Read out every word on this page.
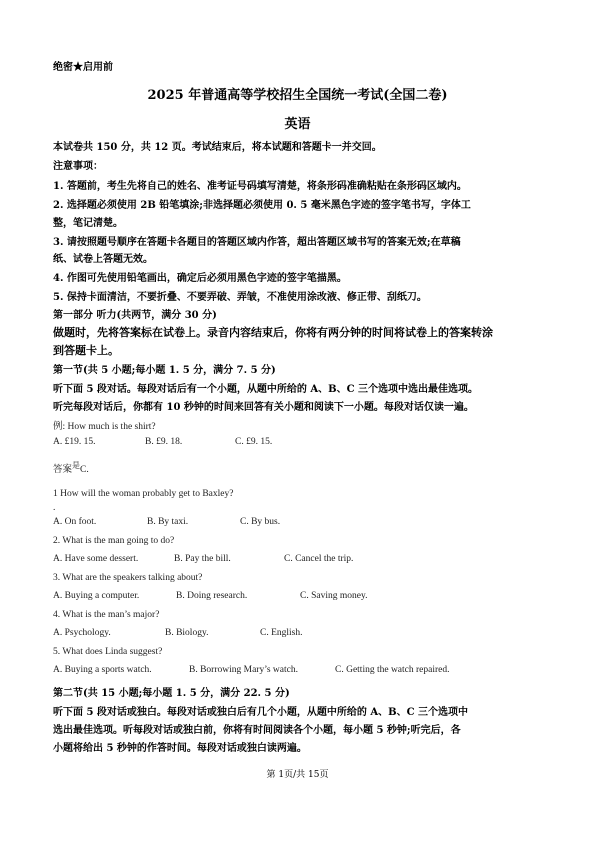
绝密★启用前
2025 年普通高等学校招生全国统一考试(全国二卷)
英语
本试卷共 150 分，共 12 页。考试结束后，将本试题和答题卡一并交回。
注意事项：
1. 答题前，考生先将自己的姓名、准考证号码填写清楚，将条形码准确粘贴在条形码区域内。
2. 选择题必须使用 2B 铅笔填涂;非选择题必须使用 0. 5 毫米黑色字迹的签字笔书写，字体工
整，笔记清楚。
3. 请按照题号顺序在答题卡各题目的答题区域内作答，超出答题区域书写的答案无效;在草稿
纸、试卷上答题无效。
4. 作图可先使用铅笔画出，确定后必须用黑色字迹的签字笔描黑。
5. 保持卡面清洁，不要折叠、不要弄破、弄皱，不准使用涂改液、修正带、刮纸刀。
第一部分 听力(共两节，满分 30 分)
做题时，先将答案标在试卷上。录音内容结束后，你将有两分钟的时间将试卷上的答案转涂
到答题卡上。
第一节(共 5 小题;每小题 1. 5 分，满分 7. 5 分)
听下面 5 段对话。每段对话后有一个小题，从题中所给的 A、B、C 三个选项中选出最佳选项。
听完每段对话后，你都有 10 秒钟的时间来回答有关小题和阅读下一小题。每段对话仅读一遍。
例: How much is the shirt?
A. £19. 15.	B. £9. 18.	C. £9. 15.
答案$^是$C.
1 How will the woman probably get to Baxley?
.
A. On foot.	B. By taxi.	C. By bus.
2. What is the man going to do?
A. Have some dessert.	B. Pay the bill.	C. Cancel the trip.
3. What are the speakers talking about?
A. Buying a computer.	B. Doing research.	C. Saving money.
4. What is the man’s major?
A. Psychology.	B. Biology.	C. English.
5. What does Linda suggest?
A. Buying a sports watch.	B. Borrowing Mary’s watch.	C. Getting the watch repaired.
第二节(共 15 小题;每小题 1. 5 分，满分 22. 5 分)
听下面 5 段对话或独白。每段对话或独白后有几个小题，从题中所给的 A、B、C 三个选项中
选出最佳选项。听每段对话或独白前，你将有时间阅读各个小题，每小题 5 秒钟;听完后，各
小题将给出 5 秒钟的作答时间。每段对话或独白读两遍。
第 1页/共 15页
